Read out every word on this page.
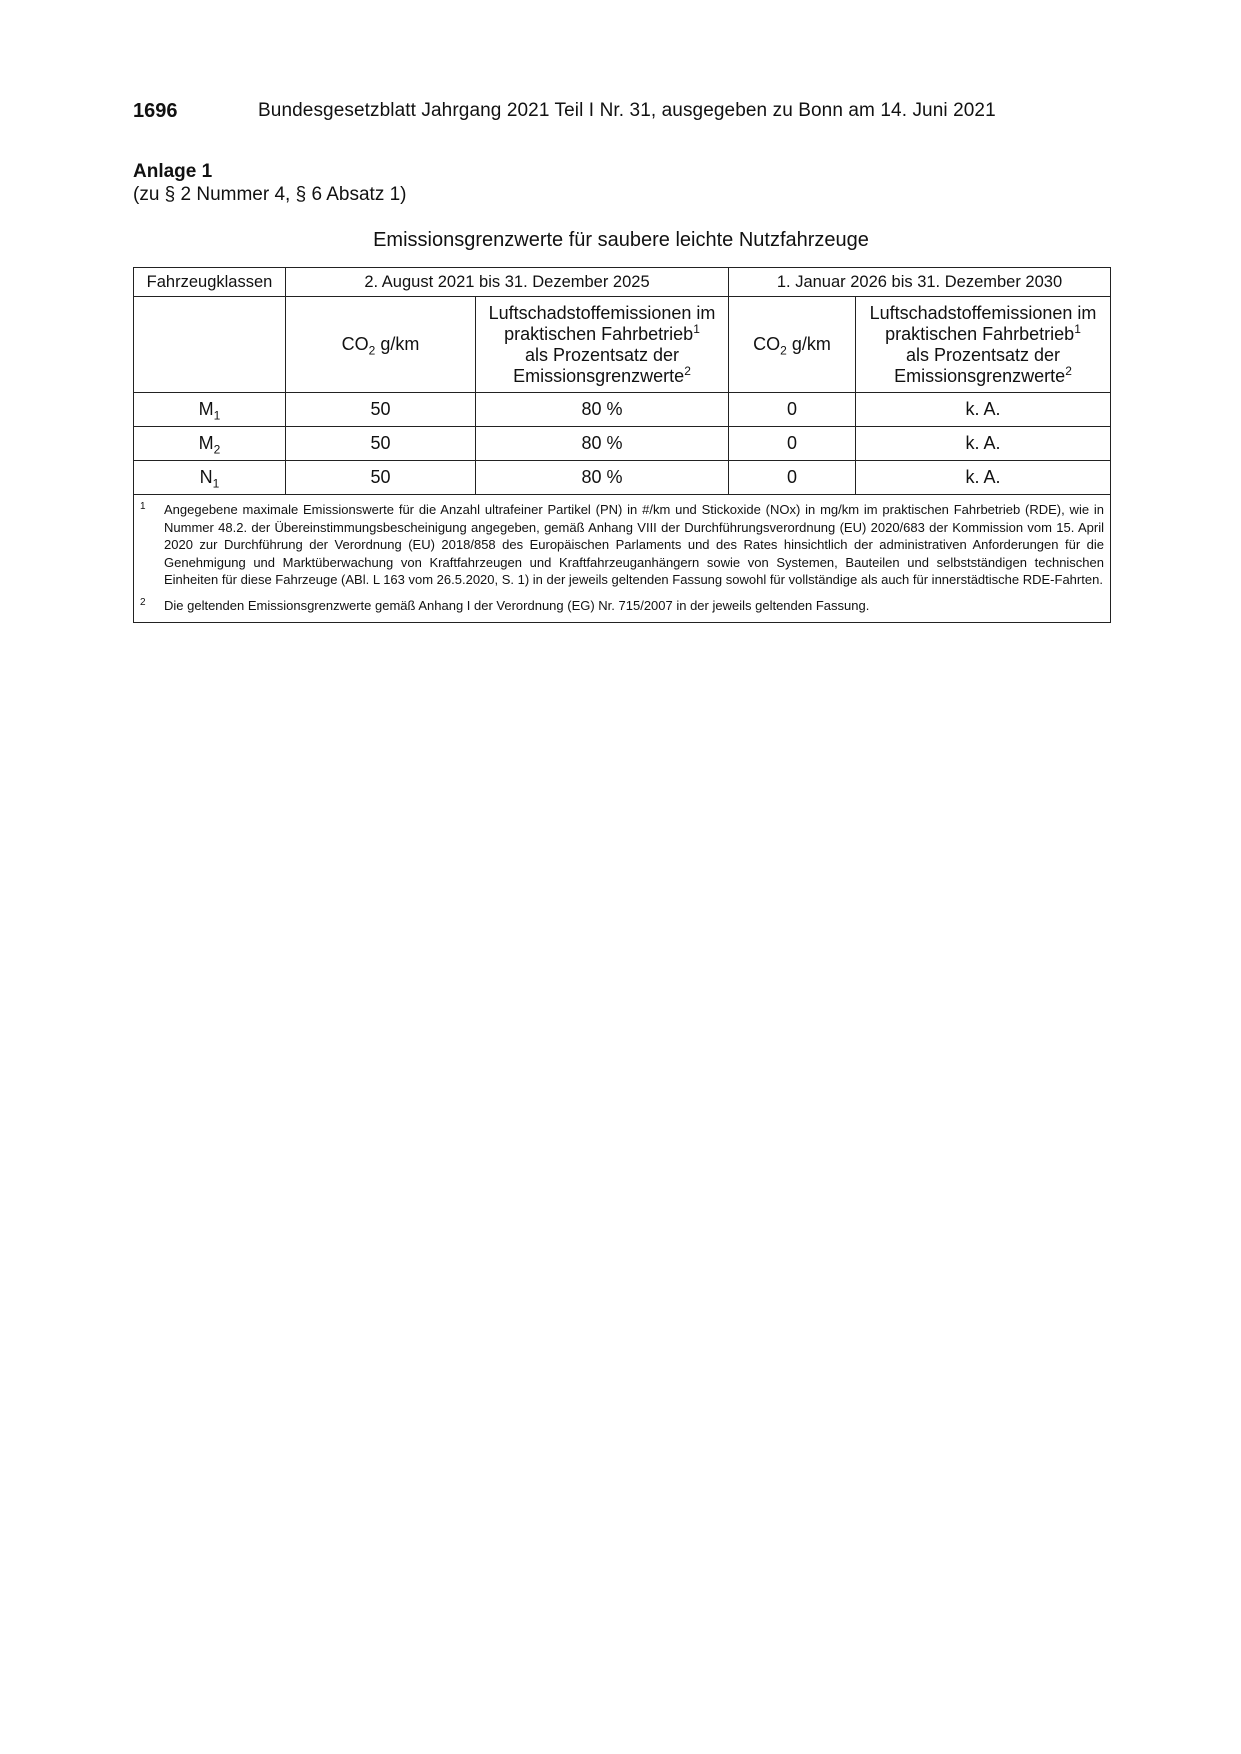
1696	Bundesgesetzblatt Jahrgang 2021 Teil I Nr. 31, ausgegeben zu Bonn am 14. Juni 2021
Anlage 1
(zu § 2 Nummer 4, § 6 Absatz 1)
Emissionsgrenzwerte für saubere leichte Nutzfahrzeuge
Fahrzeugklassen	2. August 2021 bis 31. Dezember 2025		1. Januar 2026 bis 31. Dezember 2030	
	$CO_2$ g/km	Luftschadstoffemissionen im
praktischen Fahrbetrieb$^1$
als Prozentsatz der
Emissionsgrenzwerte$^2$	$CO_2$ g/km	Luftschadstoffemissionen im
praktischen Fahrbetrieb$^1$
als Prozentsatz der
Emissionsgrenzwerte$^2$
$M_1$	50	80 %	0	k. A.
$M_2$	50	80 %	0	k. A.
$N_1$	50	80 %	0	k. A.

1 Angegebene maximale Emissionswerte für die Anzahl ultrafeiner Partikel (PN) in #/km und Stickoxide (NOx) in mg/km im praktischen Fahrbetrieb (RDE), wie in Nummer 48.2. der Übereinstimmungsbescheinigung angegeben, gemäß Anhang VIII der Durchführungsverordnung (EU) 2020/683 der Kommission vom 15. April 2020 zur Durchführung der Verordnung (EU) 2018/858 des Europäischen Parlaments und des Rates hinsichtlich der administrativen Anforderungen für die Genehmigung und Marktüberwachung von Kraftfahrzeugen und Kraftfahrzeuganhängern sowie von Systemen, Bauteilen und selbstständigen technischen Einheiten für diese Fahrzeuge (ABl. L 163 vom 26.5.2020, S. 1) in der jeweils geltenden Fassung sowohl für vollständige als auch für innerstädtische RDE-Fahrten.
2 Die geltenden Emissionsgrenzwerte gemäß Anhang I der Verordnung (EG) Nr. 715/2007 in der jeweils geltenden Fassung.				
